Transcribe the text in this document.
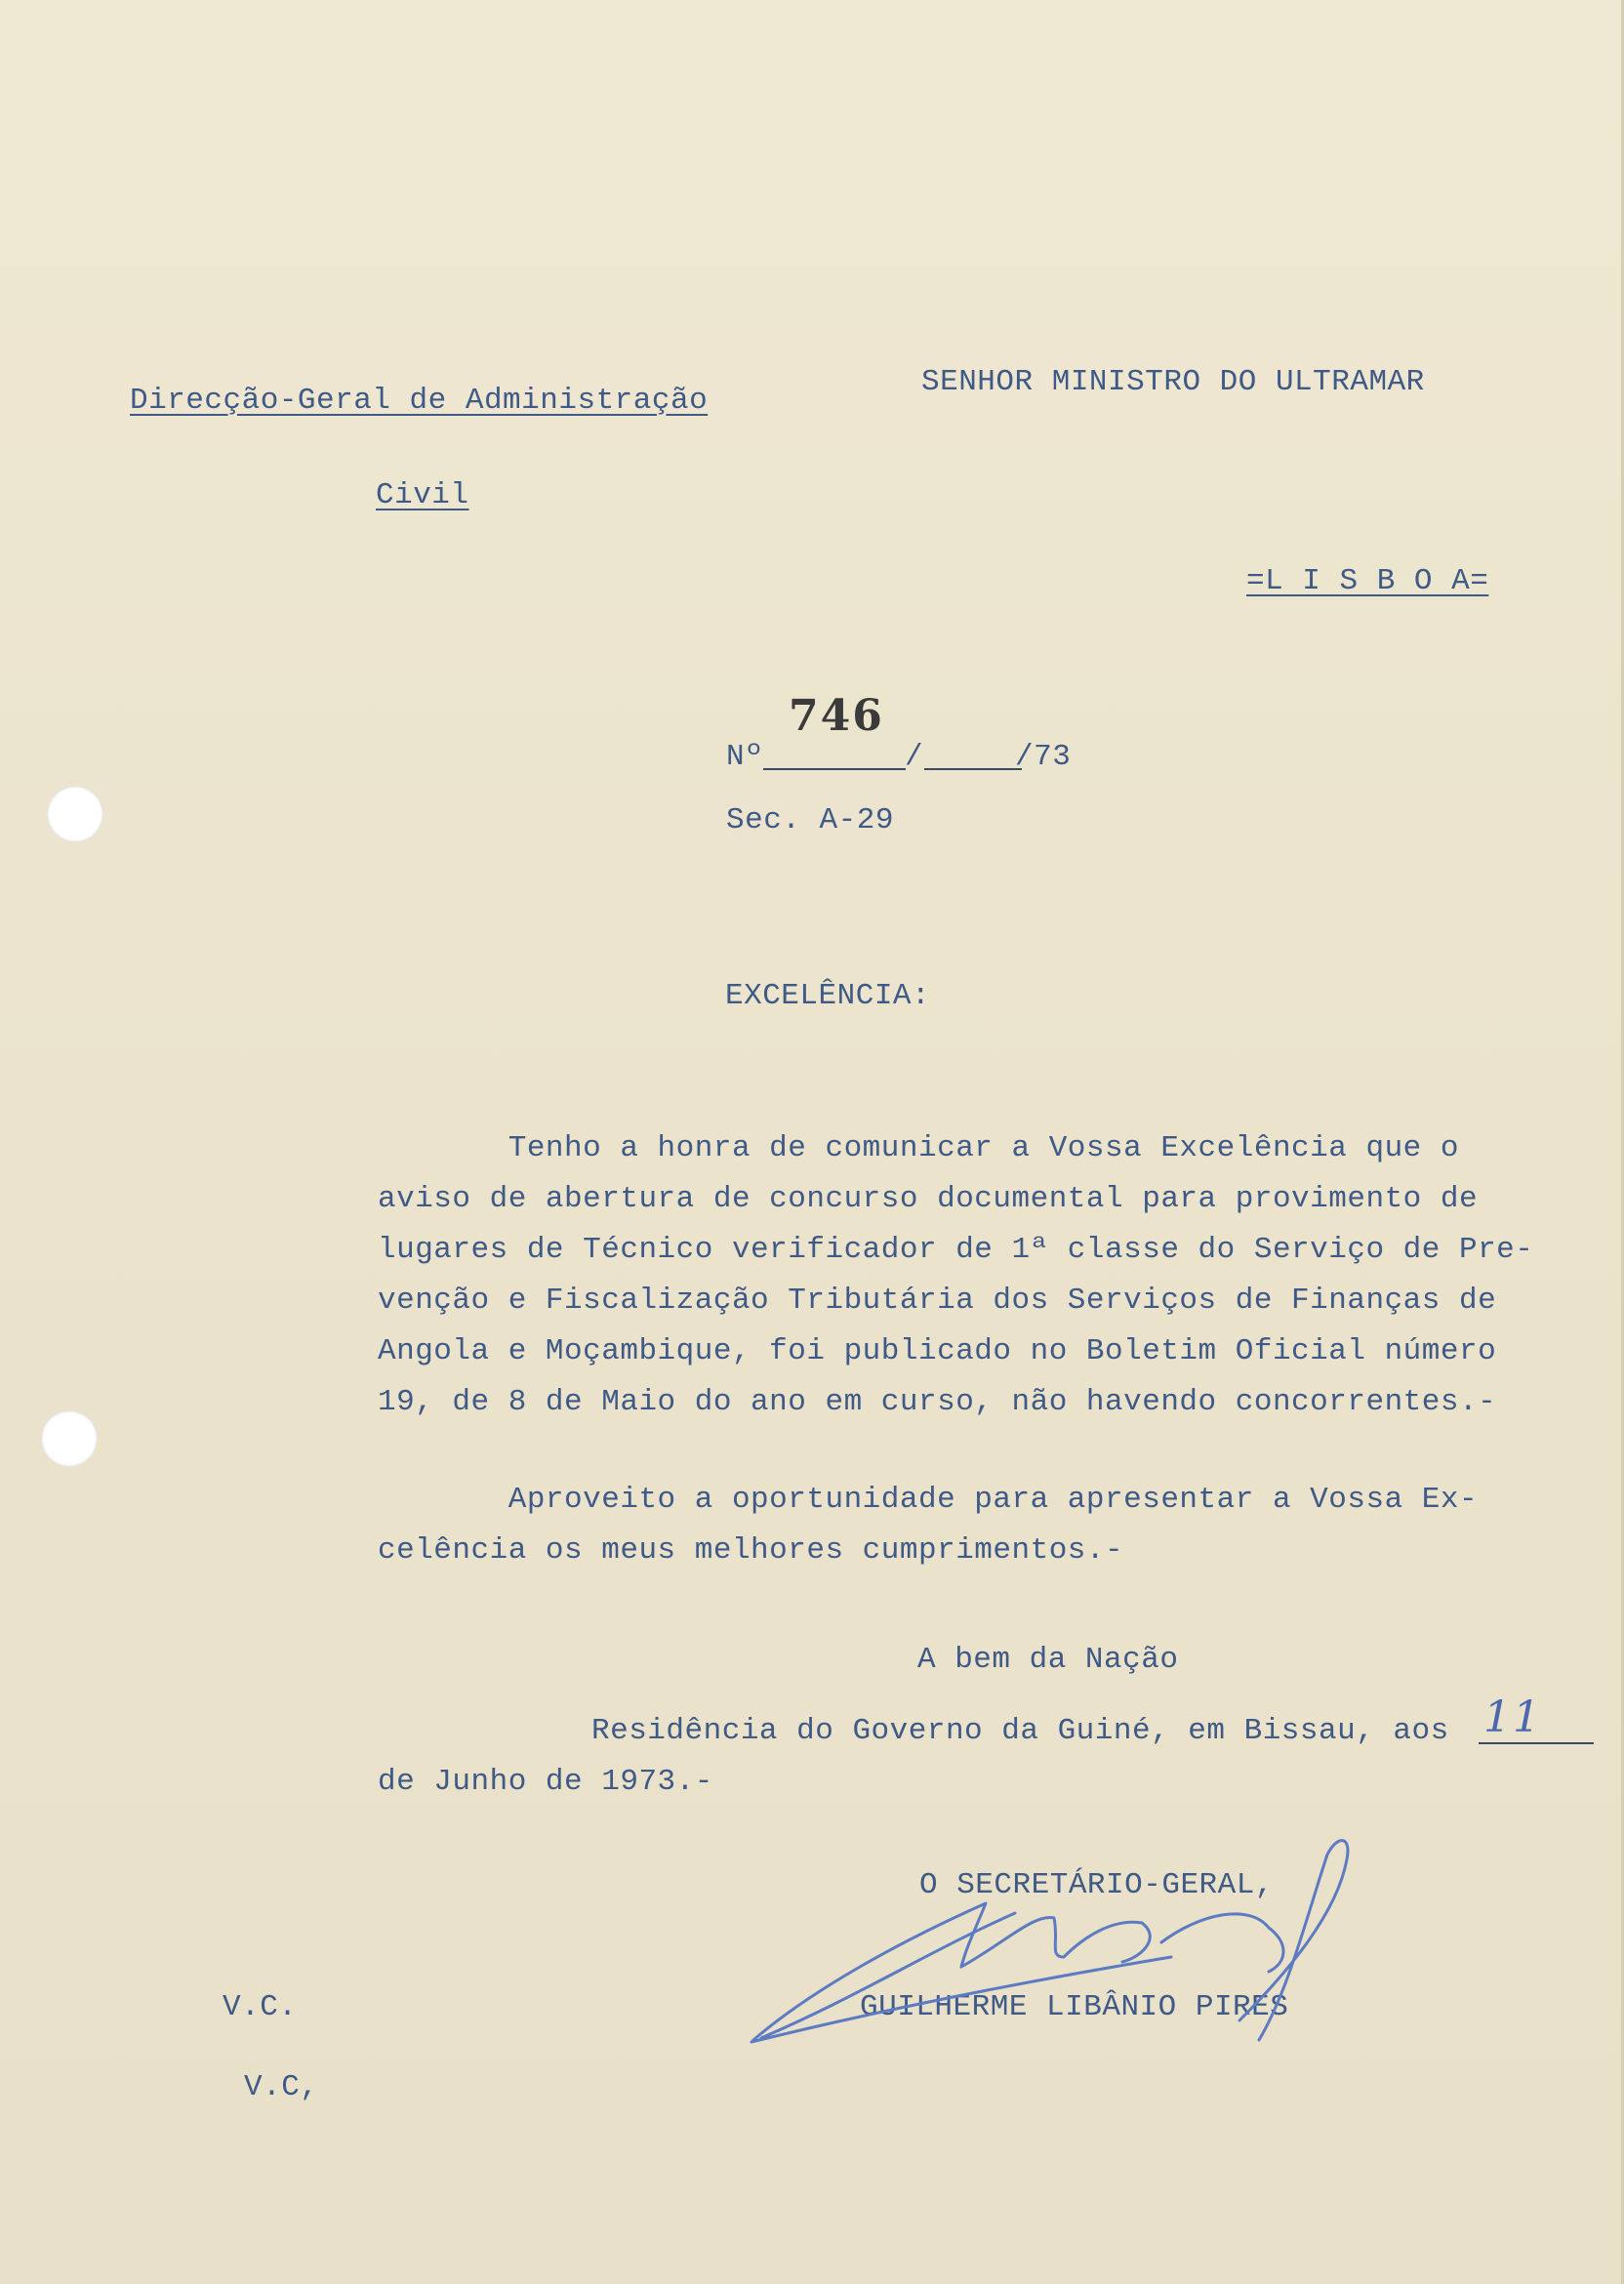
Direcção-Geral de Administração

Civil

SENHOR MINISTRO DO ULTRAMAR

=L I S B O A=

Nº	/	/73

746

Sec. A-29

EXCELÊNCIA:

Tenho a honra de comunicar a Vossa Excelência que o

aviso de abertura de concurso documental para provimento de

lugares de Técnico verificador de 1ª classe do Serviço de Pre-

venção e Fiscalização Tributária dos Serviços de Finanças de

Angola e Moçambique, foi publicado no Boletim Oficial número

19, de 8 de Maio do ano em curso, não havendo concorrentes.-

Aproveito a oportunidade para apresentar a Vossa Ex-

celência os meus melhores cumprimentos.-

A bem da Nação

Residência do Governo da Guiné, em Bissau, aos 11

de Junho de 1973.-

O SECRETÁRIO-GERAL,

GUILHERME LIBÂNIO PIRES

V.C.

V.C,
